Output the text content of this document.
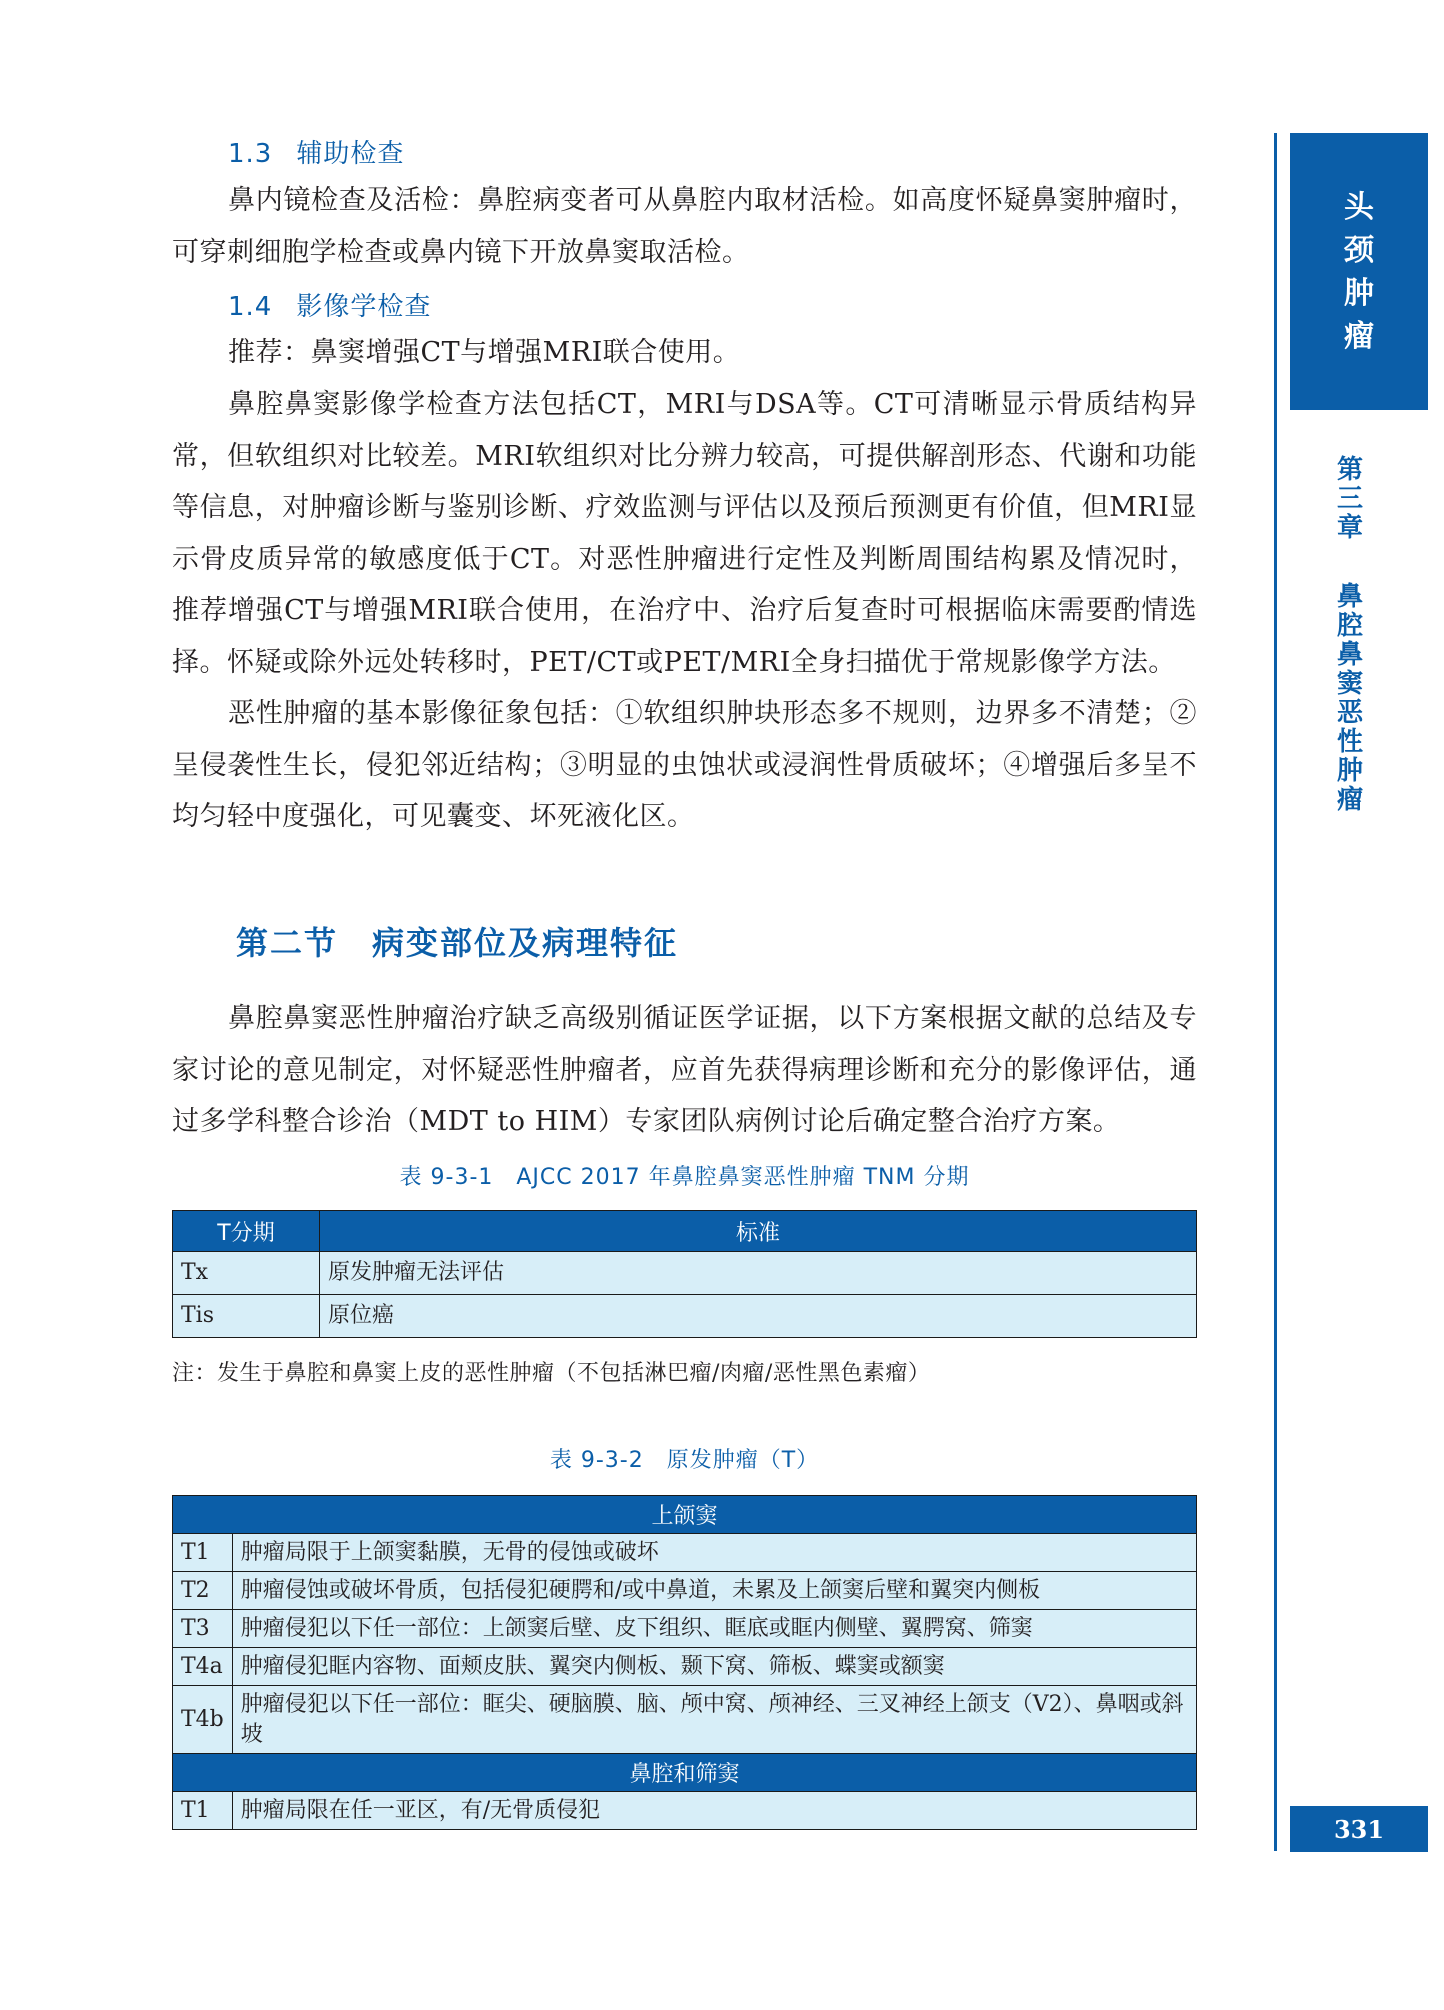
1.3 辅助检查
鼻内镜检查及活检：鼻腔病变者可从鼻腔内取材活检。如高度怀疑鼻窦肿瘤时，可穿刺细胞学检查或鼻内镜下开放鼻窦取活检。
1.4 影像学检查
推荐：鼻窦增强CT与增强MRI联合使用。
鼻腔鼻窦影像学检查方法包括CT，MRI与DSA等。CT可清晰显示骨质结构异常，但软组织对比较差。MRI软组织对比分辨力较高，可提供解剖形态、代谢和功能等信息，对肿瘤诊断与鉴别诊断、疗效监测与评估以及预后预测更有价值，但MRI显示骨皮质异常的敏感度低于CT。对恶性肿瘤进行定性及判断周围结构累及情况时，推荐增强CT与增强MRI联合使用，在治疗中、治疗后复查时可根据临床需要酌情选择。怀疑或除外远处转移时，PET/CT或PET/MRI全身扫描优于常规影像学方法。
恶性肿瘤的基本影像征象包括：①软组织肿块形态多不规则，边界多不清楚；②呈侵袭性生长，侵犯邻近结构；③明显的虫蚀状或浸润性骨质破坏；④增强后多呈不均匀轻中度强化，可见囊变、坏死液化区。
第二节 病变部位及病理特征
鼻腔鼻窦恶性肿瘤治疗缺乏高级别循证医学证据，以下方案根据文献的总结及专家讨论的意见制定，对怀疑恶性肿瘤者，应首先获得病理诊断和充分的影像评估，通过多学科整合诊治（MDT to HIM）专家团队病例讨论后确定整合治疗方案。
表 9-3-1　AJCC 2017 年鼻腔鼻窦恶性肿瘤 TNM 分期
T分期	标准
Tx	原发肿瘤无法评估
Tis	原位癌
注：发生于鼻腔和鼻窦上皮的恶性肿瘤（不包括淋巴瘤/肉瘤/恶性黑色素瘤）
表 9-3-2　原发肿瘤（T）
上颌窦	
T1	肿瘤局限于上颌窦黏膜，无骨的侵蚀或破坏
T2	肿瘤侵蚀或破坏骨质，包括侵犯硬腭和/或中鼻道，未累及上颌窦后壁和翼突内侧板
T3	肿瘤侵犯以下任一部位：上颌窦后壁、皮下组织、眶底或眶内侧壁、翼腭窝、筛窦
T4a	肿瘤侵犯眶内容物、面颊皮肤、翼突内侧板、颞下窝、筛板、蝶窦或额窦
T4b	肿瘤侵犯以下任一部位：眶尖、硬脑膜、脑、颅中窝、颅神经、三叉神经上颌支（V2）、鼻咽或斜坡
鼻腔和筛窦	
T1	肿瘤局限在任一亚区，有/无骨质侵犯
头
颈
肿
瘤
第
三
章
鼻
腔
鼻
窦
恶
性
肿
瘤
331
